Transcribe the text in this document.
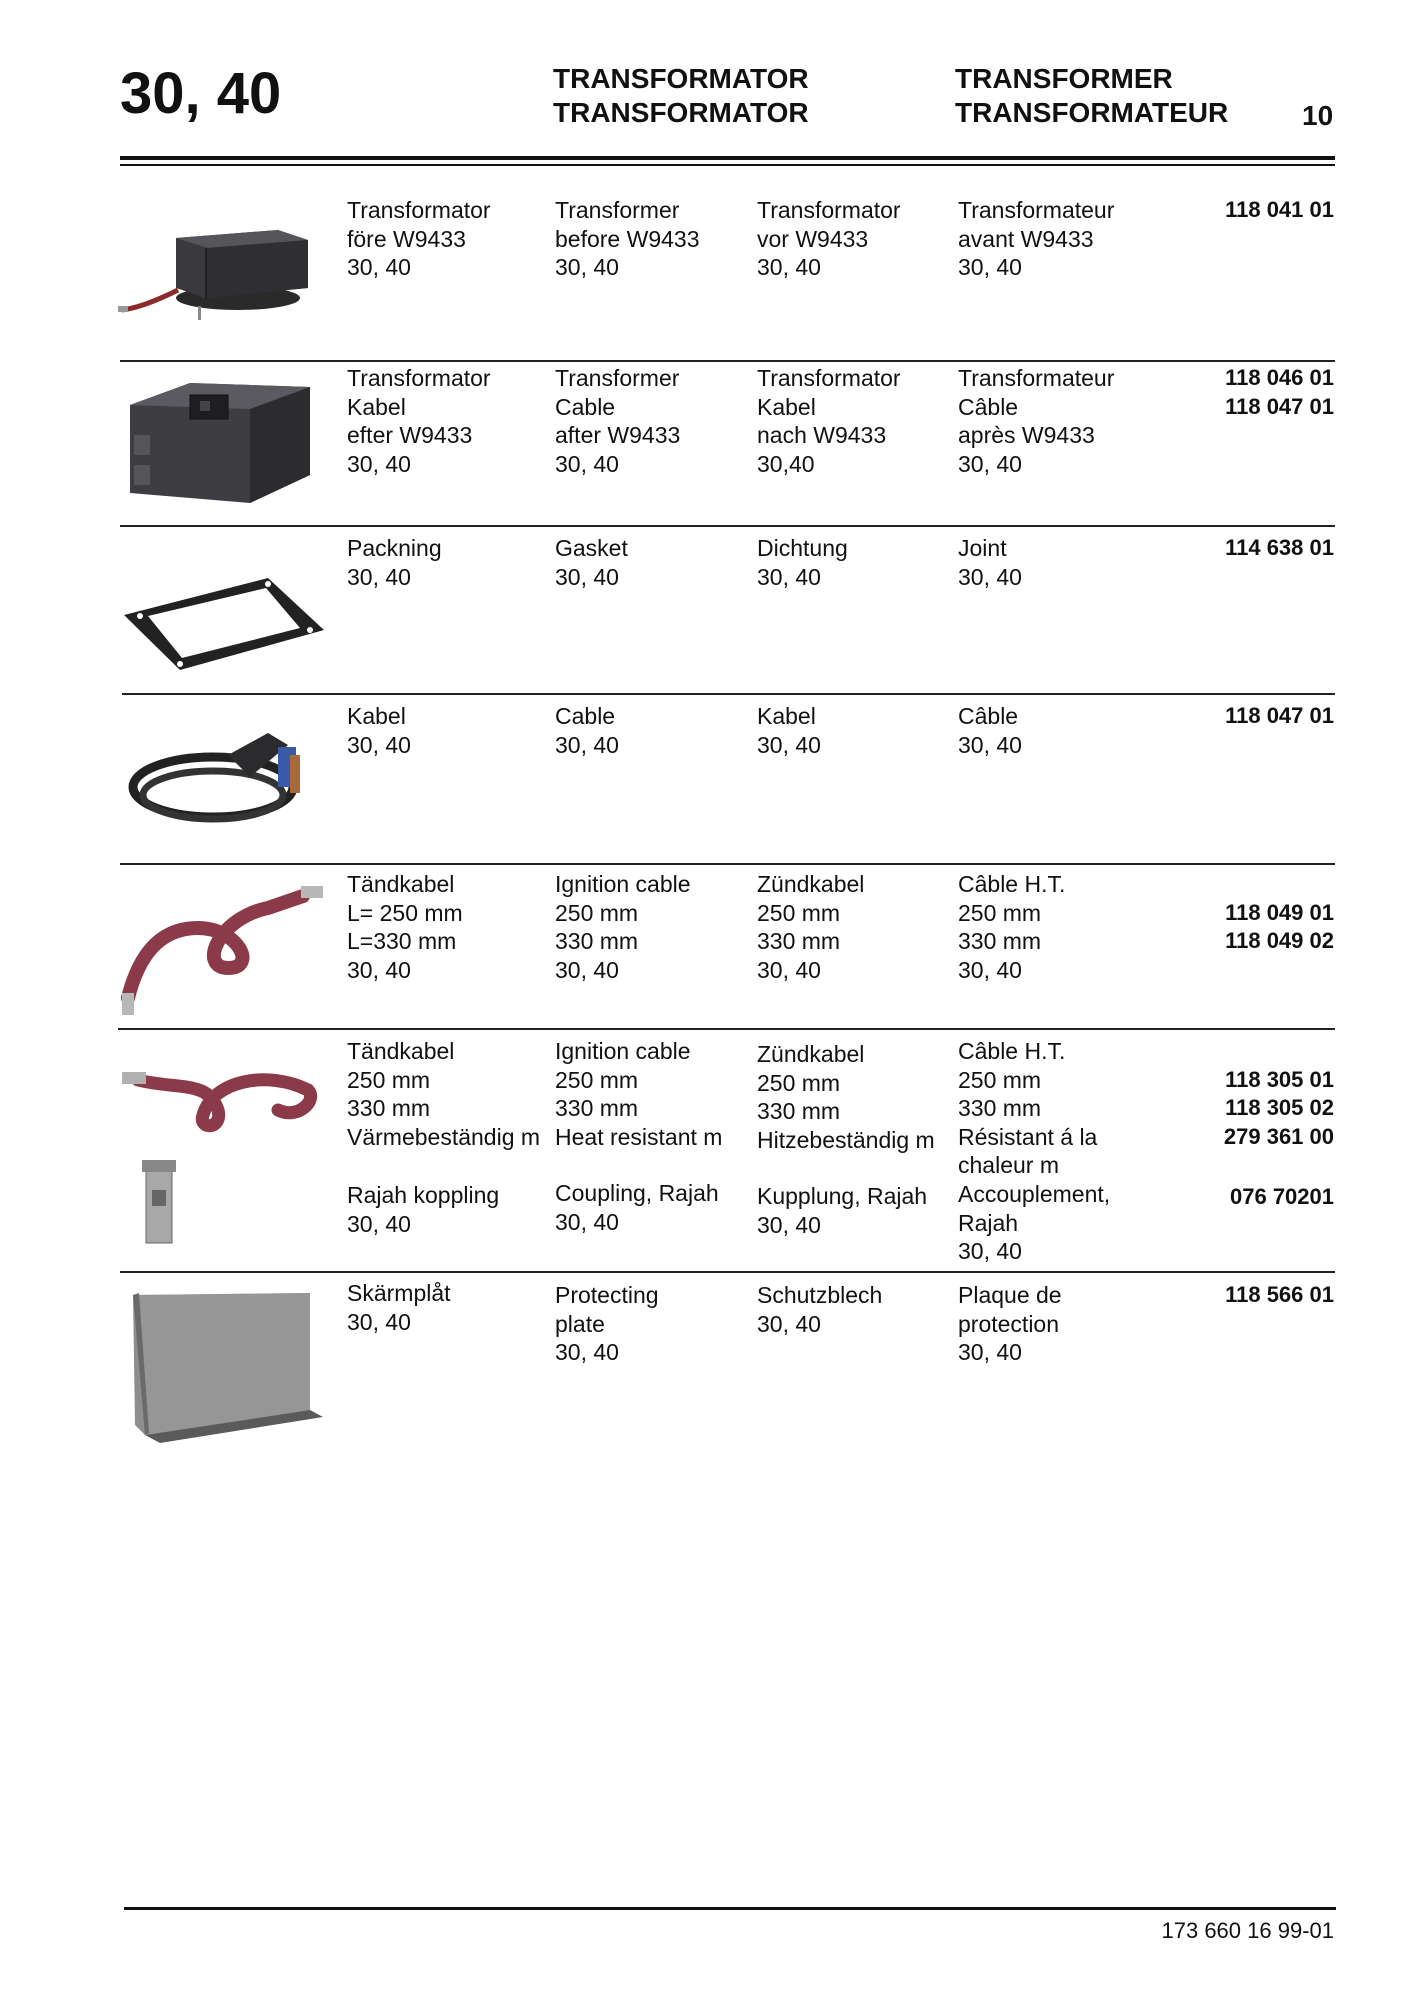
30, 40	TRANSFORMATOR
TRANSFORMATOR
TRANSFORMER
TRANSFORMATEUR	10
Transformator
före W9433
30, 40
Transformer
before W9433
30, 40
Transformator
vor W9433
30, 40
Transformateur
avant W9433
30, 40
118 041 01
Transformator
Kabel
efter W9433
30, 40
Transformer
Cable
after W9433
30, 40
Transformator
Kabel
nach W9433
30,40
Transformateur
Câble
après W9433
30, 40
118 046 01
118 047 01
Packning
30, 40
Gasket
30, 40
Dichtung
30, 40
Joint
30, 40
114 638 01
Kabel
30, 40
Cable
30, 40
Kabel
30, 40
Câble
30, 40
118 047 01
Tändkabel
L= 250 mm
L=330 mm
30, 40
Ignition cable
250 mm
330 mm
30, 40
Zündkabel
250 mm
330 mm
30, 40
Câble H.T.
250 mm
330 mm
30, 40

118 049 01
118 049 02
Tändkabel
250 mm
330 mm
Värmebeständig m
Rajah koppling
30, 40
Ignition cable
250 mm
330 mm
Heat resistant m
Coupling, Rajah
30, 40
Zündkabel
250 mm
330 mm
Hitzebeständig m
Kupplung, Rajah
30, 40
Câble H.T.
250 mm
330 mm
Résistant á la
chaleur m
Accouplement,
Rajah
30, 40

118 305 01
118 305 02
279 361 00
076 70201
Skärmplåt
30, 40
Protecting
plate
30, 40
Schutzblech
30, 40
Plaque de
protection
30, 40
118 566 01
173 660 16 99-01
